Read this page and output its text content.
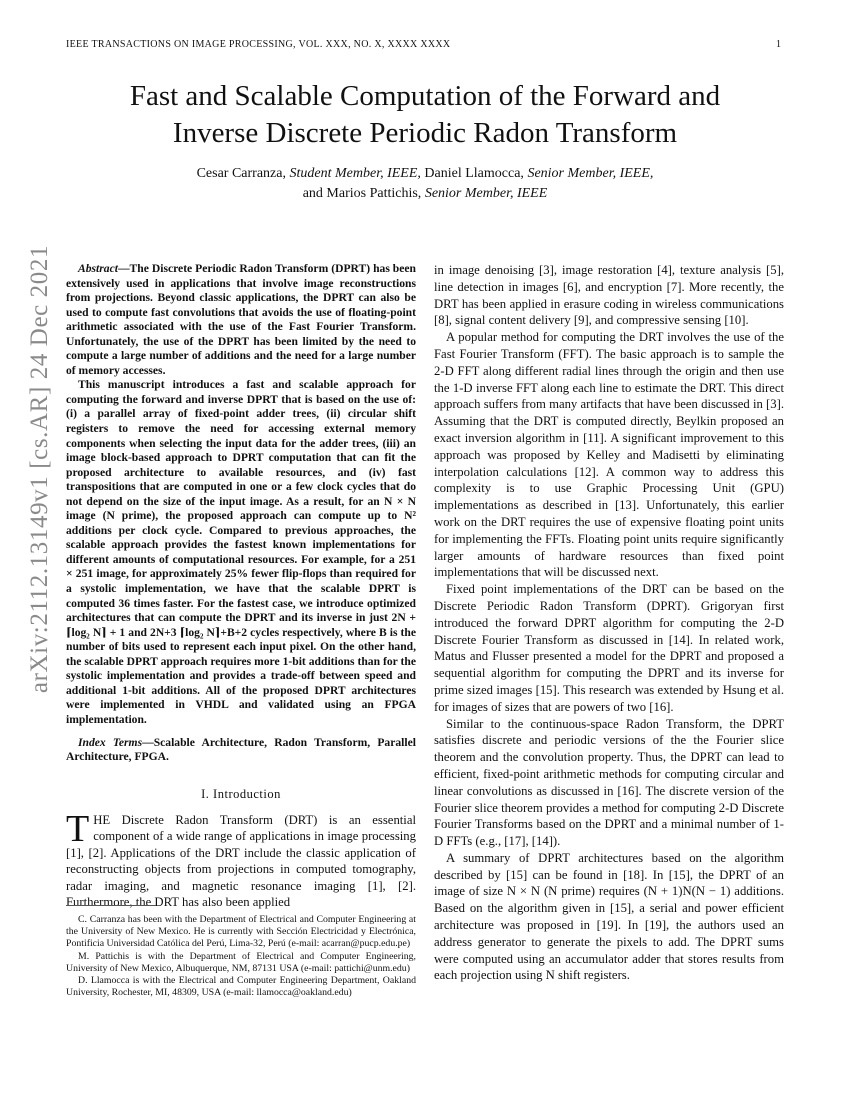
IEEE TRANSACTIONS ON IMAGE PROCESSING, VOL. XXX, NO. X, XXXX XXXX	1
arXiv:2112.13149v1 [cs.AR] 24 Dec 2021
Fast and Scalable Computation of the Forward and
Inverse Discrete Periodic Radon Transform
Cesar Carranza, Student Member, IEEE, Daniel Llamocca, Senior Member, IEEE,
and Marios Pattichis, Senior Member, IEEE

Abstract—The Discrete Periodic Radon Transform (DPRT) has been extensively used in applications that involve image reconstructions from projections. Beyond classic applications, the DPRT can also be used to compute fast convolutions that avoids the use of floating-point arithmetic associated with the use of the Fast Fourier Transform. Unfortunately, the use of the DPRT has been limited by the need to compute a large number of additions and the need for a large number of memory accesses.

This manuscript introduces a fast and scalable approach for computing the forward and inverse DPRT that is based on the use of: (i) a parallel array of fixed-point adder trees, (ii) circular shift registers to remove the need for accessing external memory components when selecting the input data for the adder trees, (iii) an image block-based approach to DPRT computation that can fit the proposed architecture to available resources, and (iv) fast transpositions that are computed in one or a few clock cycles that do not depend on the size of the input image. As a result, for an N × N image (N prime), the proposed approach can compute up to N² additions per clock cycle. Compared to previous approaches, the scalable approach provides the fastest known implementations for different amounts of computational resources. For example, for a 251 × 251 image, for approximately 25% fewer flip-flops than required for a systolic implementation, we have that the scalable DPRT is computed 36 times faster. For the fastest case, we introduce optimized architectures that can compute the DPRT and its inverse in just 2N + ⌈log₂ N⌉ + 1 and 2N+3 ⌈log₂ N⌉+B+2 cycles respectively, where B is the number of bits used to represent each input pixel. On the other hand, the scalable DPRT approach requires more 1-bit additions than for the systolic implementation and provides a trade-off between speed and additional 1-bit additions. All of the proposed DPRT architectures were implemented in VHDL and validated using an FPGA implementation.

Index Terms—Scalable Architecture, Radon Transform, Parallel Architecture, FPGA.

I. Introduction
THE Discrete Radon Transform (DRT) is an essential component of a wide range of applications in image processing [1], [2]. Applications of the DRT include the classic application of reconstructing objects from projections in computed tomography, radar imaging, and magnetic resonance imaging [1], [2]. Furthermore, the DRT has also been applied

C. Carranza has been with the Department of Electrical and Computer Engineering at the University of New Mexico. He is currently with Sección Electricidad y Electrónica, Pontificia Universidad Católica del Perú, Lima-32, Perú (e-mail: acarran@pucp.edu.pe)

M. Pattichis is with the Department of Electrical and Computer Engineering, University of New Mexico, Albuquerque, NM, 87131 USA (e-mail: pattichi@unm.edu)

D. Llamocca is with the Electrical and Computer Engineering Department, Oakland University, Rochester, MI, 48309, USA (e-mail: llamocca@oakland.edu)

in image denoising [3], image restoration [4], texture analysis [5], line detection in images [6], and encryption [7]. More recently, the DRT has been applied in erasure coding in wireless communications [8], signal content delivery [9], and compressive sensing [10].

A popular method for computing the DRT involves the use of the Fast Fourier Transform (FFT). The basic approach is to sample the 2-D FFT along different radial lines through the origin and then use the 1-D inverse FFT along each line to estimate the DRT. This direct approach suffers from many artifacts that have been discussed in [3]. Assuming that the DRT is computed directly, Beylkin proposed an exact inversion algorithm in [11]. A significant improvement to this approach was proposed by Kelley and Madisetti by eliminating interpolation calculations [12]. A common way to address this complexity is to use Graphic Processing Unit (GPU) implementations as described in [13]. Unfortunately, this earlier work on the DRT requires the use of expensive floating point units for implementing the FFTs. Floating point units require significantly larger amounts of hardware resources than fixed point implementations that will be discussed next.

Fixed point implementations of the DRT can be based on the Discrete Periodic Radon Transform (DPRT). Grigoryan first introduced the forward DPRT algorithm for computing the 2-D Discrete Fourier Transform as discussed in [14]. In related work, Matus and Flusser presented a model for the DPRT and proposed a sequential algorithm for computing the DPRT and its inverse for prime sized images [15]. This research was extended by Hsung et al. for images of sizes that are powers of two [16].

Similar to the continuous-space Radon Transform, the DPRT satisfies discrete and periodic versions of the the Fourier slice theorem and the convolution property. Thus, the DPRT can lead to efficient, fixed-point arithmetic methods for computing circular and linear convolutions as discussed in [16]. The discrete version of the Fourier slice theorem provides a method for computing 2-D Discrete Fourier Transforms based on the DPRT and a minimal number of 1-D FFTs (e.g., [17], [14]).

A summary of DPRT architectures based on the algorithm described by [15] can be found in [18]. In [15], the DPRT of an image of size N × N (N prime) requires (N + 1)N(N − 1) additions. Based on the algorithm given in [15], a serial and power efficient architecture was proposed in [19]. In [19], the authors used an address generator to generate the pixels to add. The DPRT sums were computed using an accumulator adder that stores results from each projection using N shift registers.
